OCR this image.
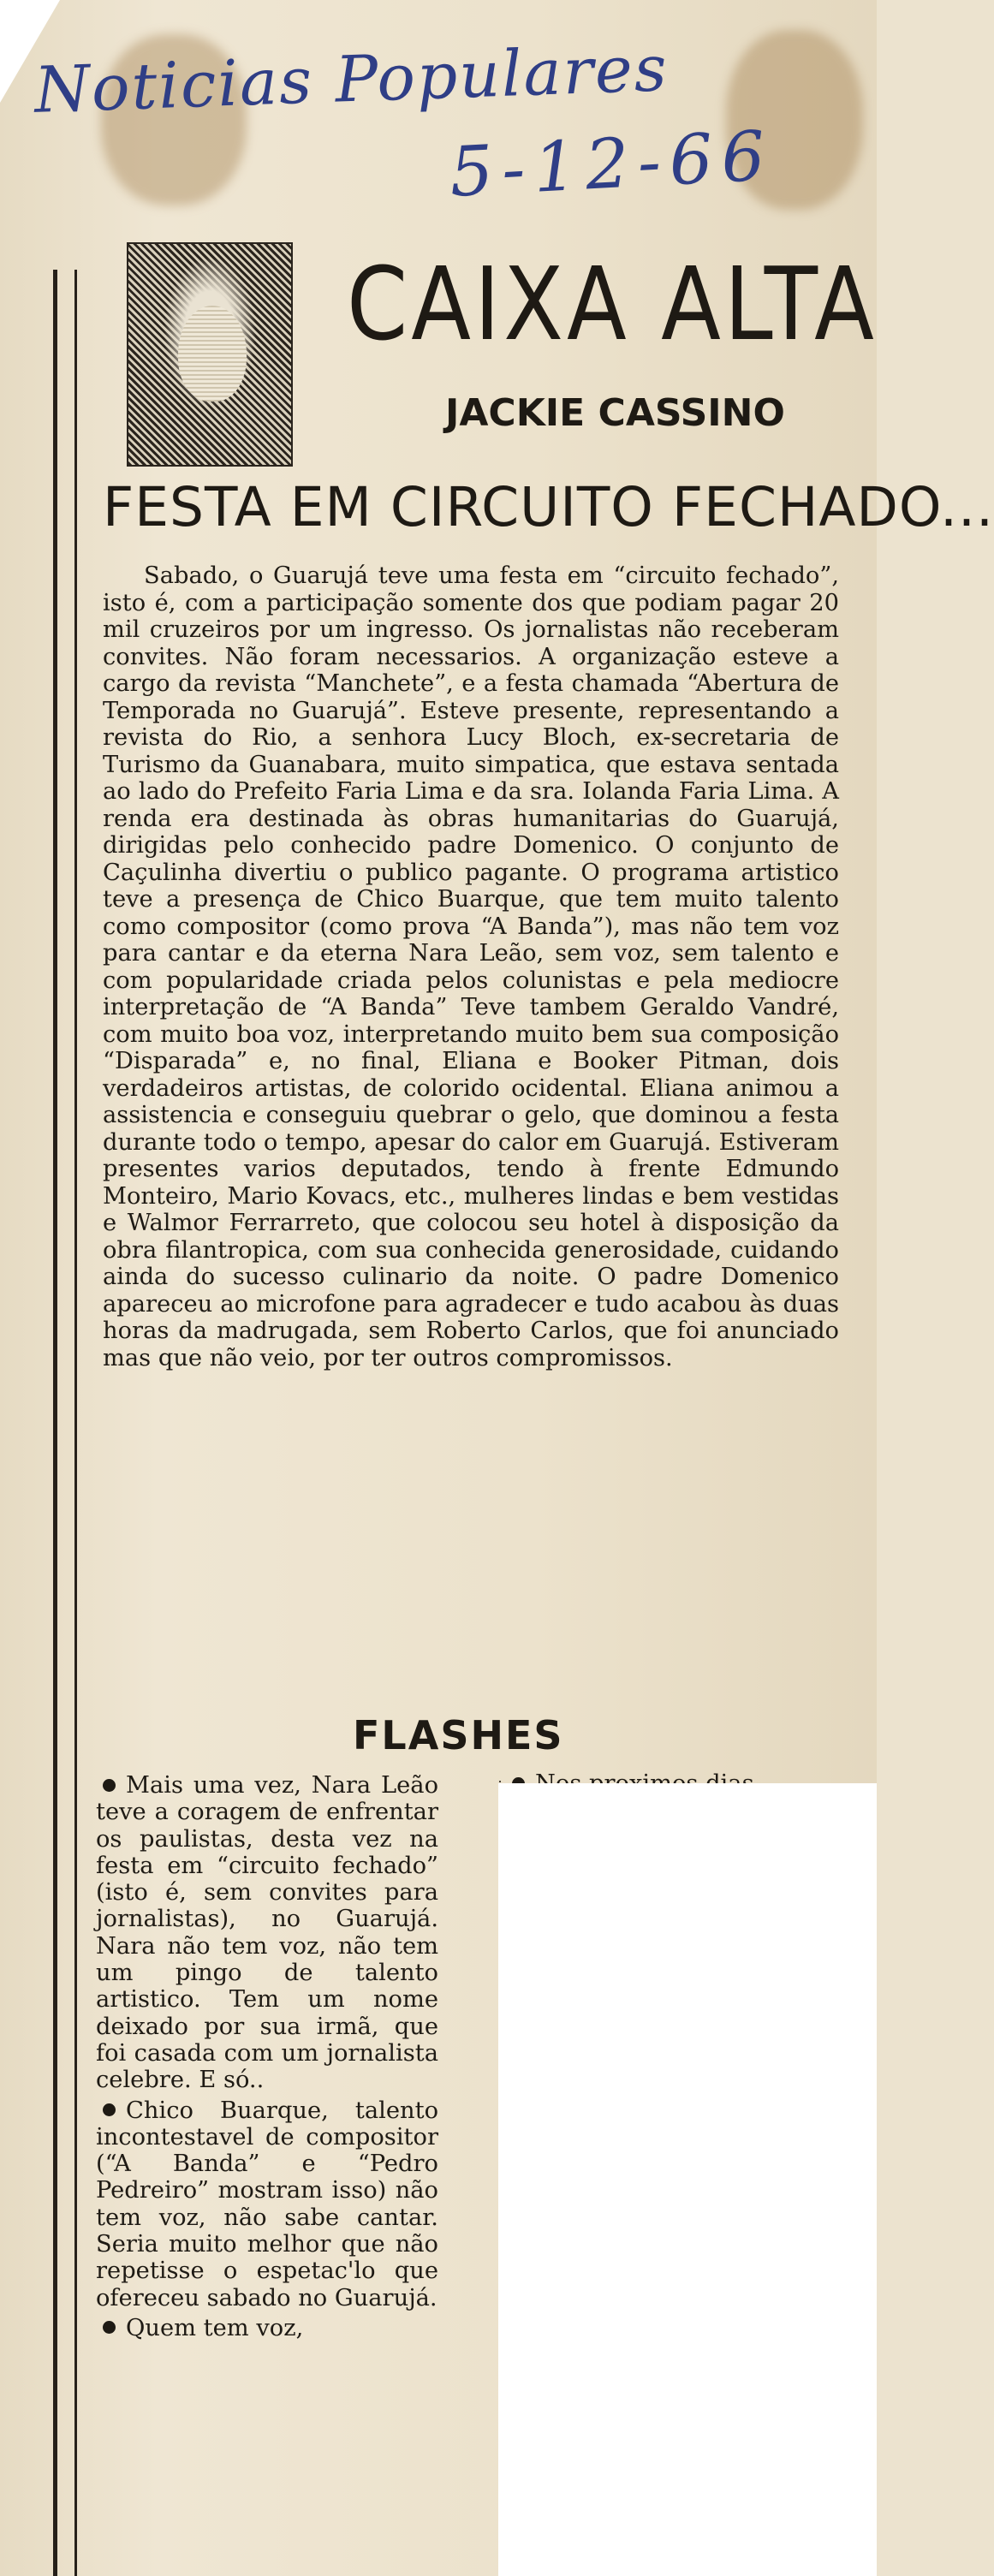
Noticias Populares
5-12-66
CAIXA ALTA
JACKIE CASSINO
FESTA EM CIRCUITO FECHADO...
Sabado, o Guarujá teve uma festa em “circuito fechado”, isto é, com a participação somente dos que podiam pagar 20 mil cruzeiros por um ingresso. Os jornalistas não receberam convites. Não foram necessarios. A organização esteve a cargo da revista “Manchete”, e a festa chamada “Abertura de Temporada no Guarujá”. Esteve presente, representando a revista do Rio, a senhora Lucy Bloch, ex-secretaria de Turismo da Guanabara, muito simpatica, que estava sentada ao lado do Prefeito Faria Lima e da sra. Iolanda Faria Lima. A renda era destinada às obras humanitarias do Guarujá, dirigidas pelo conhecido padre Domenico. O conjunto de Caçulinha divertiu o publico pagante. O programa artistico teve a presença de Chico Buarque, que tem muito talento como compositor (como prova “A Banda”), mas não tem voz para cantar e da eterna Nara Leão, sem voz, sem talento e com popularidade criada pelos colunistas e pela mediocre interpretação de “A Banda” Teve tambem Geraldo Vandré, com muito boa voz, interpretando muito bem sua composição “Disparada” e, no final, Eliana e Booker Pitman, dois verdadeiros artistas, de colorido ocidental. Eliana animou a assistencia e conseguiu quebrar o gelo, que dominou a festa durante todo o tempo, apesar do calor em Guarujá. Estiveram presentes varios deputados, tendo à frente Edmundo Monteiro, Mario Kovacs, etc., mulheres lindas e bem vestidas e Walmor Ferrarreto, que colocou seu hotel à disposição da obra filantropica, com sua conhecida generosidade, cuidando ainda do sucesso culinario da noite. O padre Domenico apareceu ao microfone para agradecer e tudo acabou às duas horas da madrugada, sem Roberto Carlos, que foi anunciado mas que não veio, por ter outros compromissos.
FLASHES

Mais uma vez, Nara Leão teve a coragem de enfrentar os paulistas, desta vez na festa em “circuito fechado” (isto é, sem convites para jornalistas), no Guarujá. Nara não tem voz, não tem um pingo de talento artistico. Tem um nome deixado por sua irmã, que foi casada com um jornalista celebre. E só..

Chico Buarque, talento incontestavel de compositor (“A Banda” e “Pedro Pedreiro” mostram isso) não tem voz, não sabe cantar. Seria muito melhor que não repetisse o espetac'lo que ofereceu sabado no Guarujá.

Quem tem voz,
